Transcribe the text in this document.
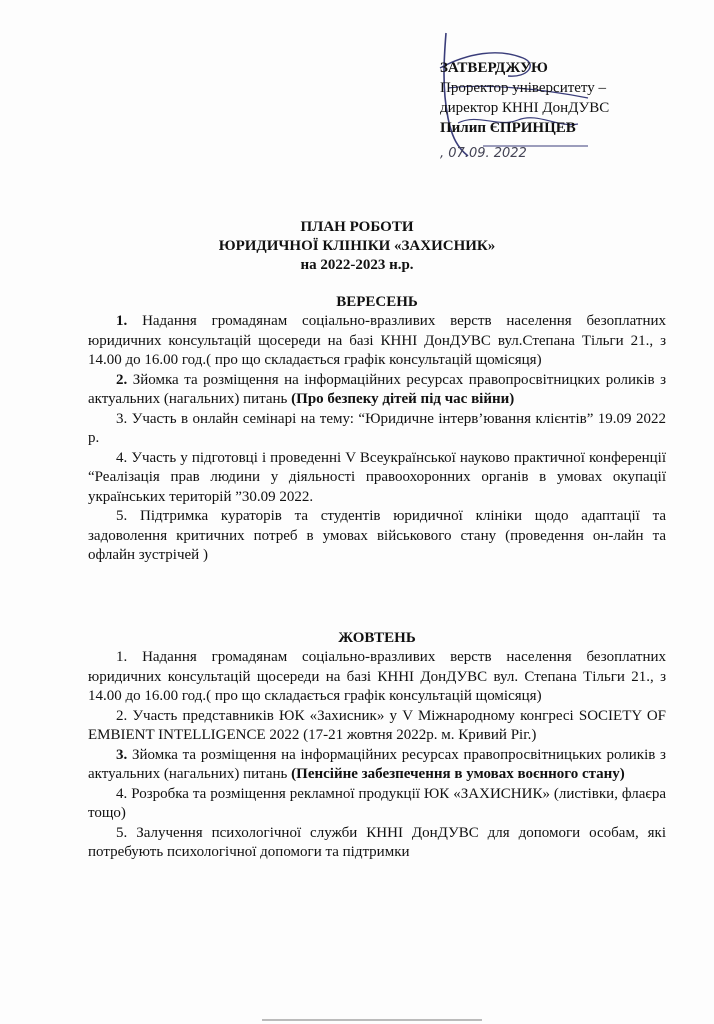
ЗАТВЕРДЖУЮ
Проректор університету –
директор КННІ ДонДУВС
Пилип ЄПРИНЦЕВ
, 07.09. 2022
ПЛАН РОБОТИ
ЮРИДИЧНОЇ КЛІНІКИ «ЗАХИСНИК»
на 2022-2023 н.р.
ВЕРЕСЕНЬ

1. Надання громадянам соціально-вразливих верств населення безоплатних юридичних консультацій щосереди на базі КННІ ДонДУВС вул.Степана Тільги 21., з 14.00 до 16.00 год.( про що складається графік консультацій щомісяця)

2. Зйомка та розміщення на інформаційних ресурсах правопросвітницких роликів з актуальних (нагальних) питань (Про безпеку дітей під час війни)

3. Участь в онлайн семінарі на тему: “Юридичне інтерв’ювання клієнтів” 19.09 2022 р.

4. Участь у підготовці і проведенні V Всеукраїнської науково практичної конференції “Реалізація прав людини у діяльності правоохоронних органів в умовах окупації українських територій ”30.09 2022.

5. Підтримка кураторів та студентів юридичної клініки щодо адаптації та задоволення критичних потреб в умовах військового стану (проведення он-лайн та офлайн зустрічей )

ЖОВТЕНЬ

1. Надання громадянам соціально-вразливих верств населення безоплатних юридичних консультацій щосереди на базі КННІ ДонДУВС вул. Степана Тільги 21., з 14.00 до 16.00 год.( про що складається графік консультацій щомісяця)

2. Участь представників ЮК «Захисник» у V Міжнародному конгресі SOCIETY OF EMBIENT INTELLIGENCE 2022 (17-21 жовтня 2022р. м. Кривий Ріг.)

3. Зйомка та розміщення на інформаційних ресурсах правопросвітницьких роликів з актуальних (нагальних) питань (Пенсійне забезпечення в умовах воєнного стану)

4. Розробка та розміщення рекламної продукції ЮК «ЗАХИСНИК» (листівки, флаєра тощо)

5. Залучення психологічної служби КННІ ДонДУВС для допомоги особам, які потребують психологічної допомоги та підтримки
